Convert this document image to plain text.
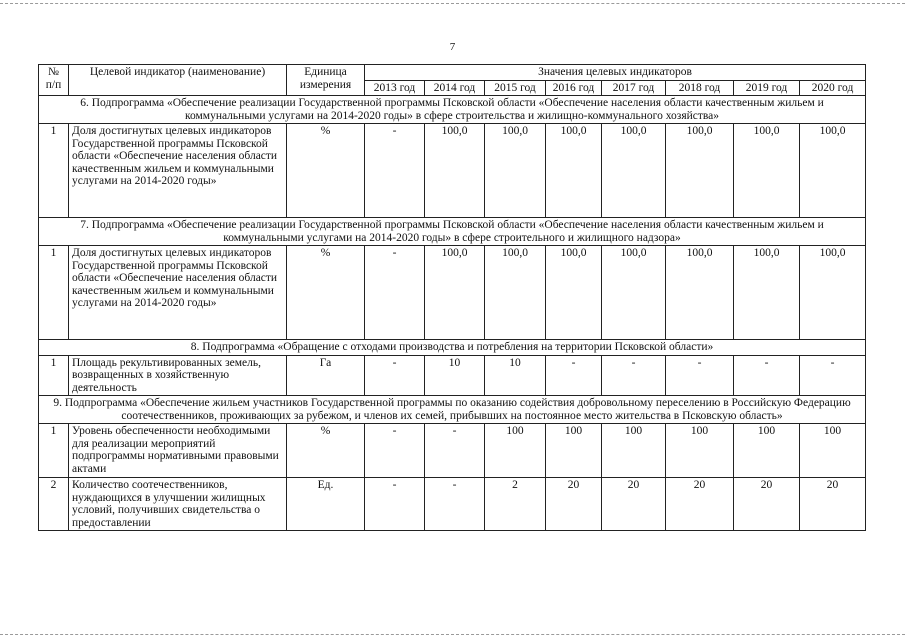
7
№ п/п	Целевой индикатор (наименование)	Единица измерения	Значения целевых индикаторов							
			2013 год	2014 год	2015 год	2016 год	2017 год	2018 год	2019 год	2020 год
6. Подпрограмма «Обеспечение реализации Государственной программы Псковской области «Обеспечение населения области качественным жильем и коммунальными услугами на 2014-2020 годы» в сфере строительства и жилищно-коммунального хозяйства»										
1	Доля достигнутых целевых индикаторов Государственной программы Псковской области «Обеспечение населения области качественным жильем и коммунальными услугами на 2014-2020 годы»	%	-	100,0	100,0	100,0	100,0	100,0	100,0	100,0
7. Подпрограмма «Обеспечение реализации Государственной программы Псковской области «Обеспечение населения области качественным жильем и коммунальными услугами на 2014-2020 годы» в сфере строительного и жилищного надзора»										
1	Доля достигнутых целевых индикаторов Государственной программы Псковской области «Обеспечение населения области качественным жильем и коммунальными услугами на 2014-2020 годы»	%	-	100,0	100,0	100,0	100,0	100,0	100,0	100,0
8. Подпрограмма «Обращение с отходами производства и потребления на территории Псковской области»										
1	Площадь рекультивированных земель, возвращенных в хозяйственную деятельность	Га	-	10	10	-	-	-	-	-
9. Подпрограмма «Обеспечение жильем участников Государственной программы по оказанию содействия добровольному переселению в Российскую Федерацию соотечественников, проживающих за рубежом, и членов их семей, прибывших на постоянное место жительства в Псковскую область»										
1	Уровень обеспеченности необходимыми для реализации мероприятий подпрограммы нормативными правовыми актами	%	-	-	100	100	100	100	100	100
2	Количество соотечественников, нуждающихся в улучшении жилищных условий, получивших свидетельства о предоставлении	Ед.	-	-	2	20	20	20	20	20
